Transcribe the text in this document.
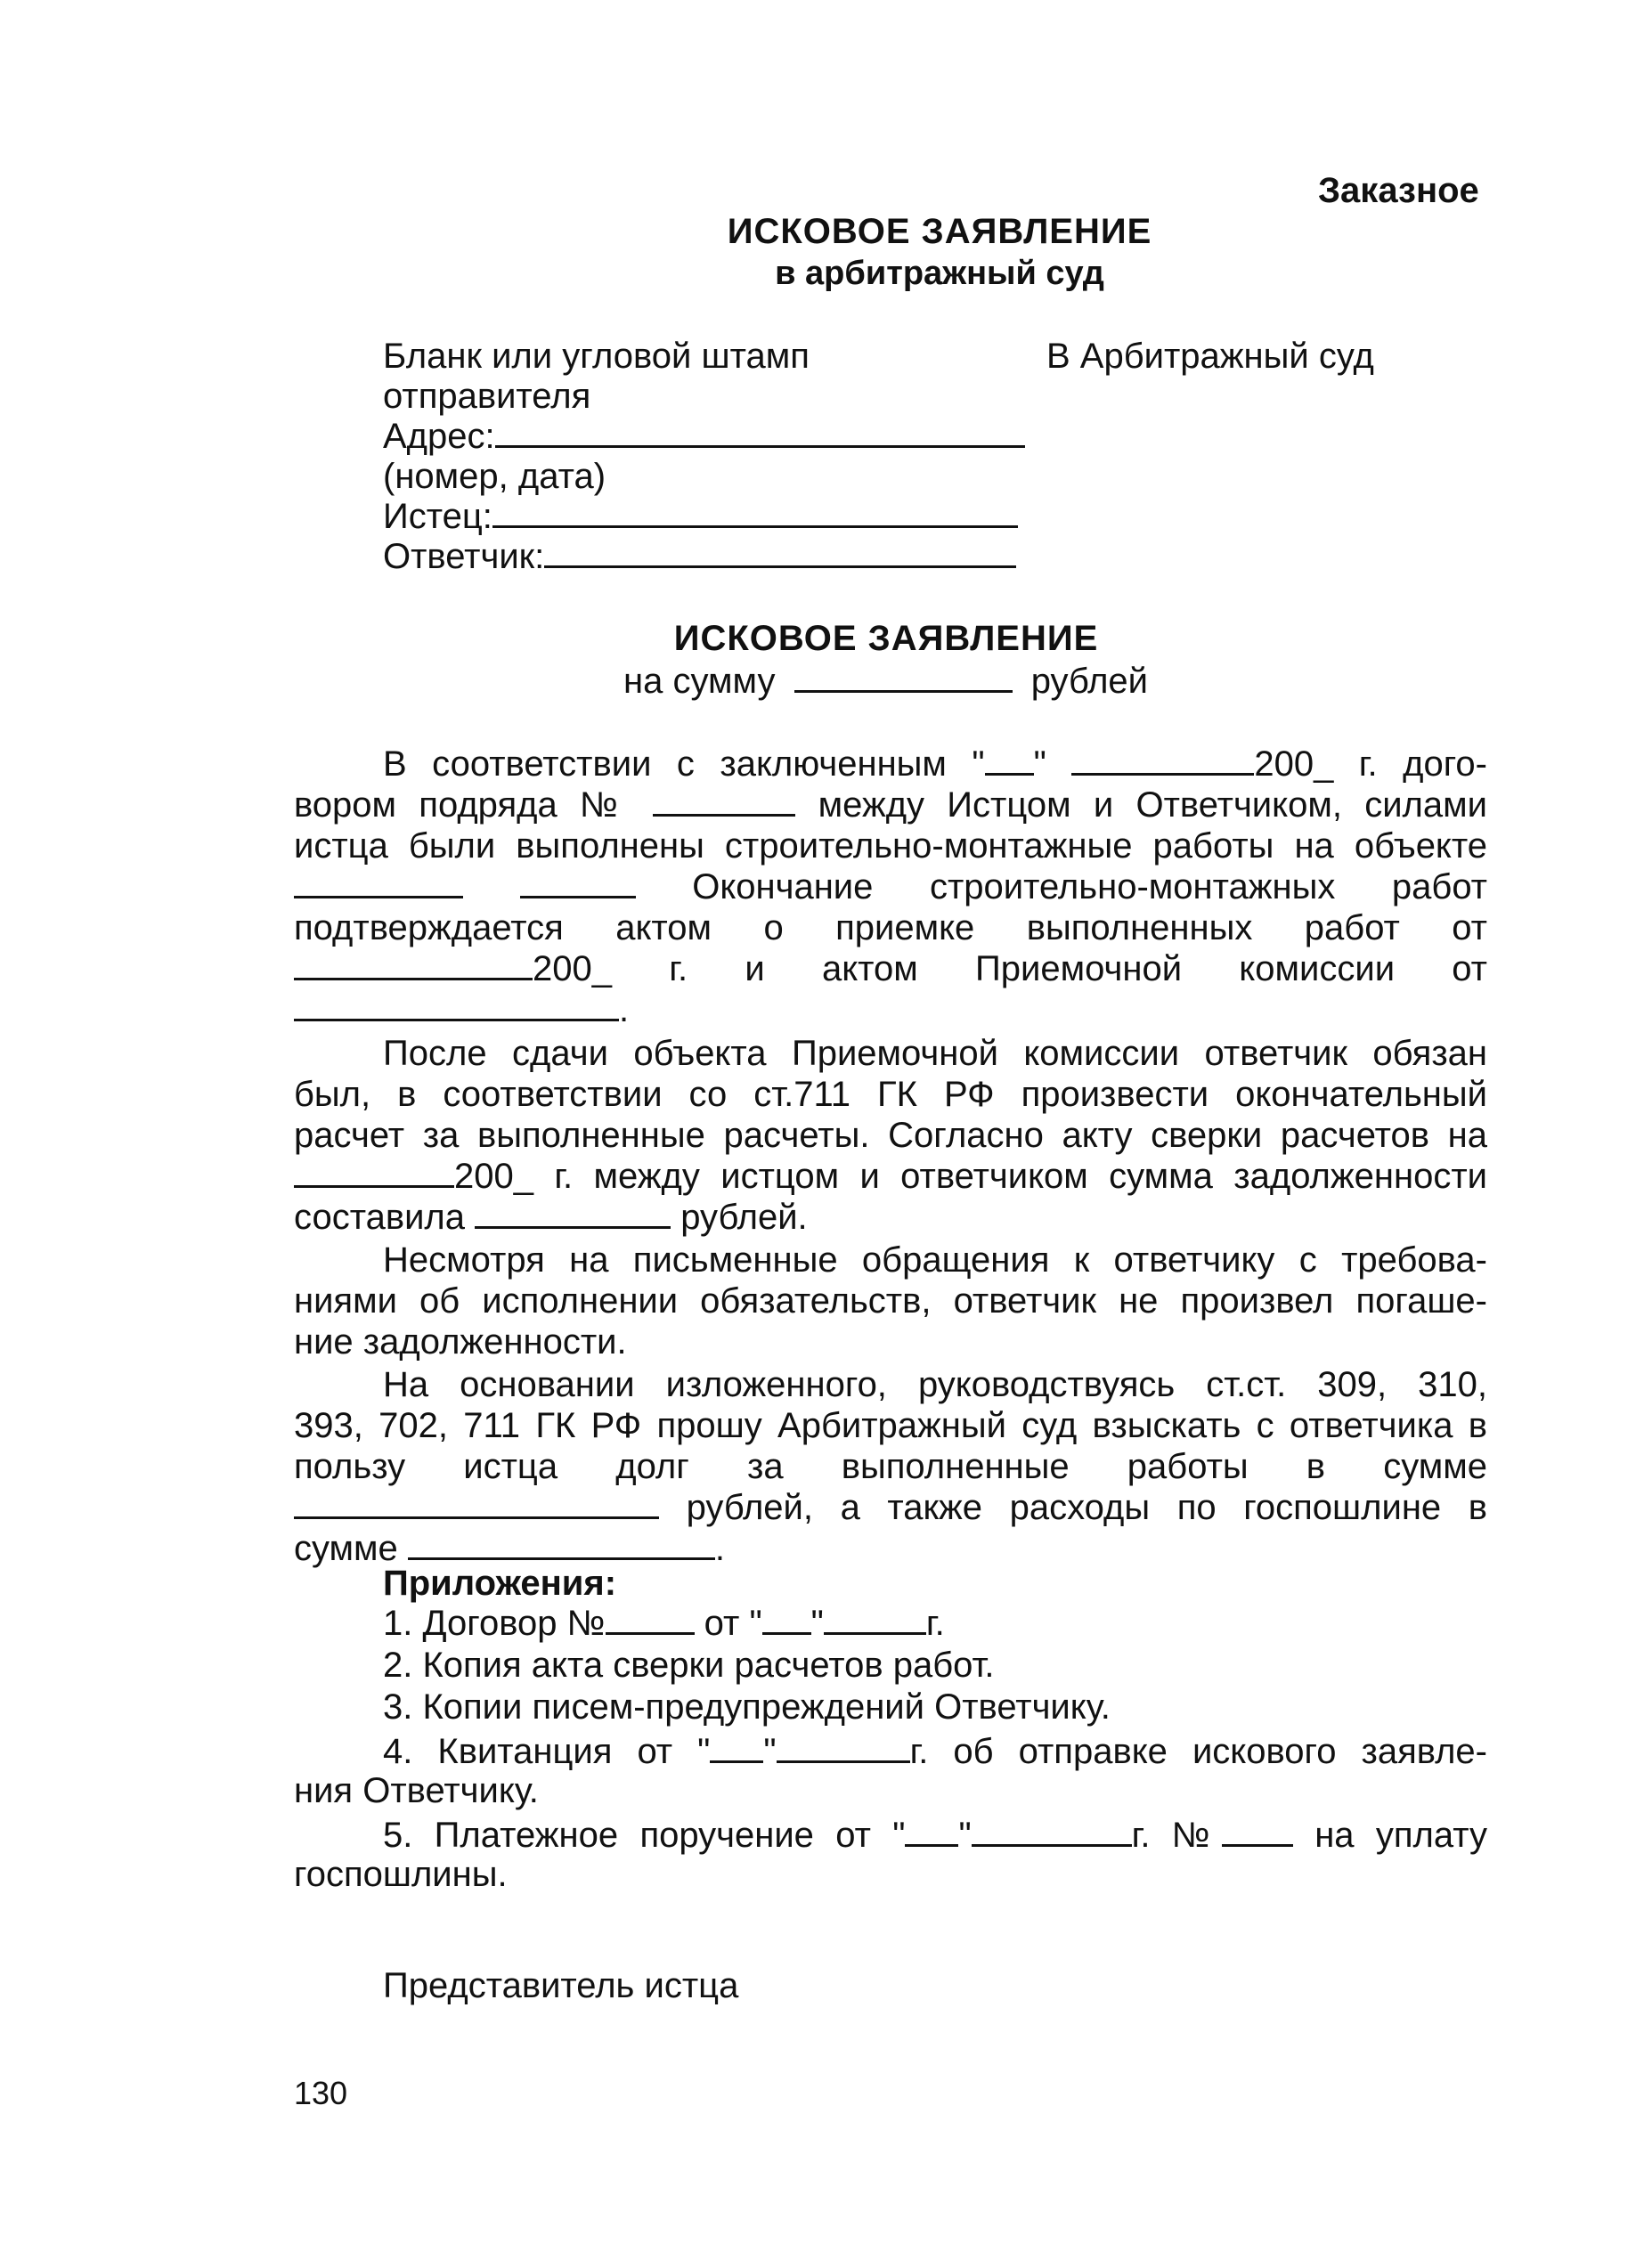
Заказное
ИСКОВОЕ ЗАЯВЛЕНИЕ
в арбитражный суд
Бланк или угловой штамп
отправителя
Адрес:
(номер, дата)
Истец:
Ответчик:
В Арбитражный суд
ИСКОВОЕ ЗАЯВЛЕНИЕ
на сумму	рублей
В соответствии с заключенным " "	200_ г. дого-
вором подряда №	между Истцом и Ответчиком, силами
истца были выполнены строительно-монтажные работы на объекте
Окончание строительно-монтажных работ
подтверждается актом о приемке выполненных работ от
200_ г. и актом Приемочной комиссии от
.
После сдачи объекта Приемочной комиссии ответчик обязан
был, в соответствии со ст.711 ГК РФ произвести окончательный
расчет за выполненные расчеты. Согласно акту сверки расчетов на
200_ г. между истцом и ответчиком сумма задолженности
составила	рублей.
Несмотря на письменные обращения к ответчику с требова-
ниями об исполнении обязательств, ответчик не произвел погаше-
ние задолженности.
На основании изложенного, руководствуясь ст.ст. 309, 310,
393, 702, 711 ГК РФ прошу Арбитражный суд взыскать с ответчика в
пользу истца долг за выполненные работы в сумме
рублей, а также расходы по госпошлине в
сумме	.
Приложения:
1. Договор №	от " "	г.
2. Копия акта сверки расчетов работ.
3. Копии писем-предупреждений Ответчику.
4. Квитанция от " "	г. об отправке искового заявле-
ния Ответчику.
5. Платежное поручение от " "	г. №	на уплату
госпошлины.
Представитель истца
130
